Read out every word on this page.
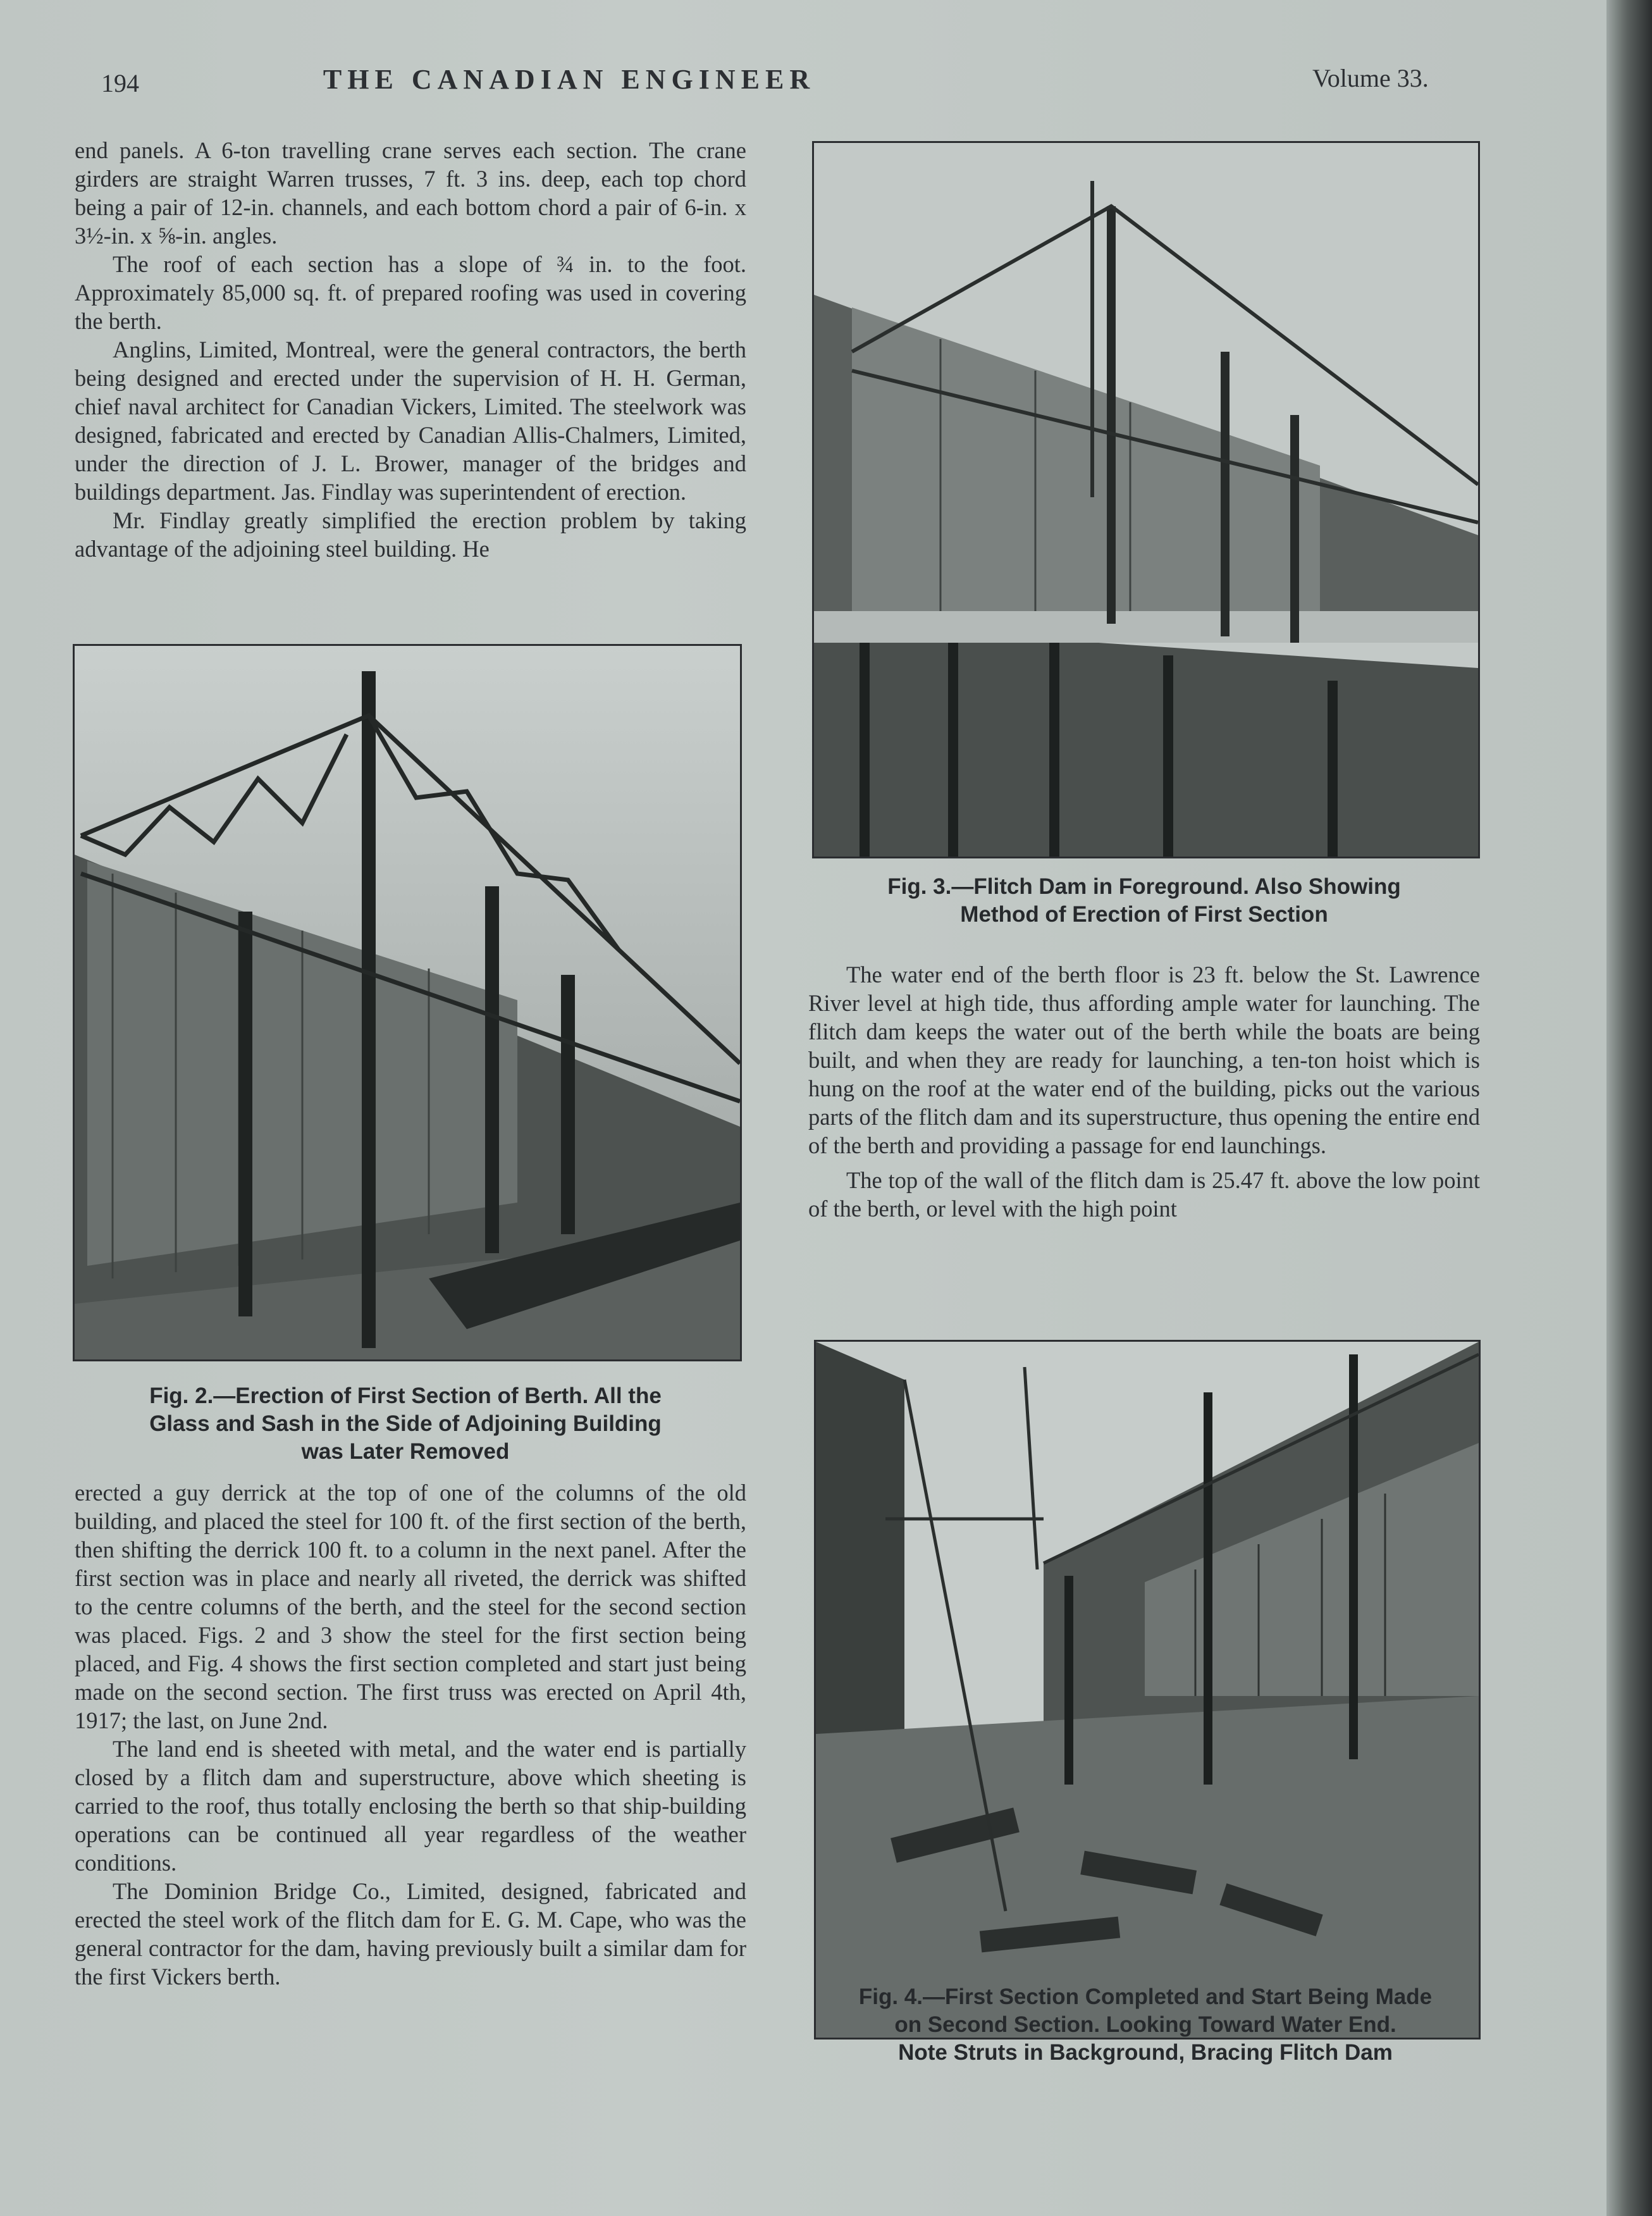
194	THE CANADIAN ENGINEER	Volume 33.

end panels. A 6-ton travelling crane serves each section. The crane girders are straight Warren trusses, 7 ft. 3 ins. deep, each top chord being a pair of 12-in. channels, and each bottom chord a pair of 6-in. x 3½-in. x ⅝-in. angles.

The roof of each section has a slope of ¾ in. to the foot. Approximately 85,000 sq. ft. of prepared roofing was used in covering the berth.

Anglins, Limited, Montreal, were the general contractors, the berth being designed and erected under the supervision of H. H. German, chief naval architect for Canadian Vickers, Limited. The steelwork was designed, fabricated and erected by Canadian Allis-Chalmers, Limited, under the direction of J. L. Brower, manager of the bridges and buildings department. Jas. Findlay was superintendent of erection.

Mr. Findlay greatly simplified the erection problem by taking advantage of the adjoining steel building. He

Fig. 2.—Erection of First Section of Berth. All the
Glass and Sash in the Side of Adjoining Building
was Later Removed

erected a guy derrick at the top of one of the columns of the old building, and placed the steel for 100 ft. of the first section of the berth, then shifting the derrick 100 ft. to a column in the next panel. After the first section was in place and nearly all riveted, the derrick was shifted to the centre columns of the berth, and the steel for the second section was placed. Figs. 2 and 3 show the steel for the first section being placed, and Fig. 4 shows the first section completed and start just being made on the second section. The first truss was erected on April 4th, 1917; the last, on June 2nd.

The land end is sheeted with metal, and the water end is partially closed by a flitch dam and superstructure, above which sheeting is carried to the roof, thus totally enclosing the berth so that ship-building operations can be continued all year regardless of the weather conditions.

The Dominion Bridge Co., Limited, designed, fabricated and erected the steel work of the flitch dam for E. G. M. Cape, who was the general contractor for the dam, having previously built a similar dam for the first Vickers berth.

Fig. 3.—Flitch Dam in Foreground. Also Showing
Method of Erection of First Section

The water end of the berth floor is 23 ft. below the St. Lawrence River level at high tide, thus affording ample water for launching. The flitch dam keeps the water out of the berth while the boats are being built, and when they are ready for launching, a ten-ton hoist which is hung on the roof at the water end of the building, picks out the various parts of the flitch dam and its superstructure, thus opening the entire end of the berth and providing a passage for end launchings.

The top of the wall of the flitch dam is 25.47 ft. above the low point of the berth, or level with the high point

Fig. 4.—First Section Completed and Start Being Made
on Second Section. Looking Toward Water End.
Note Struts in Background, Bracing Flitch Dam
